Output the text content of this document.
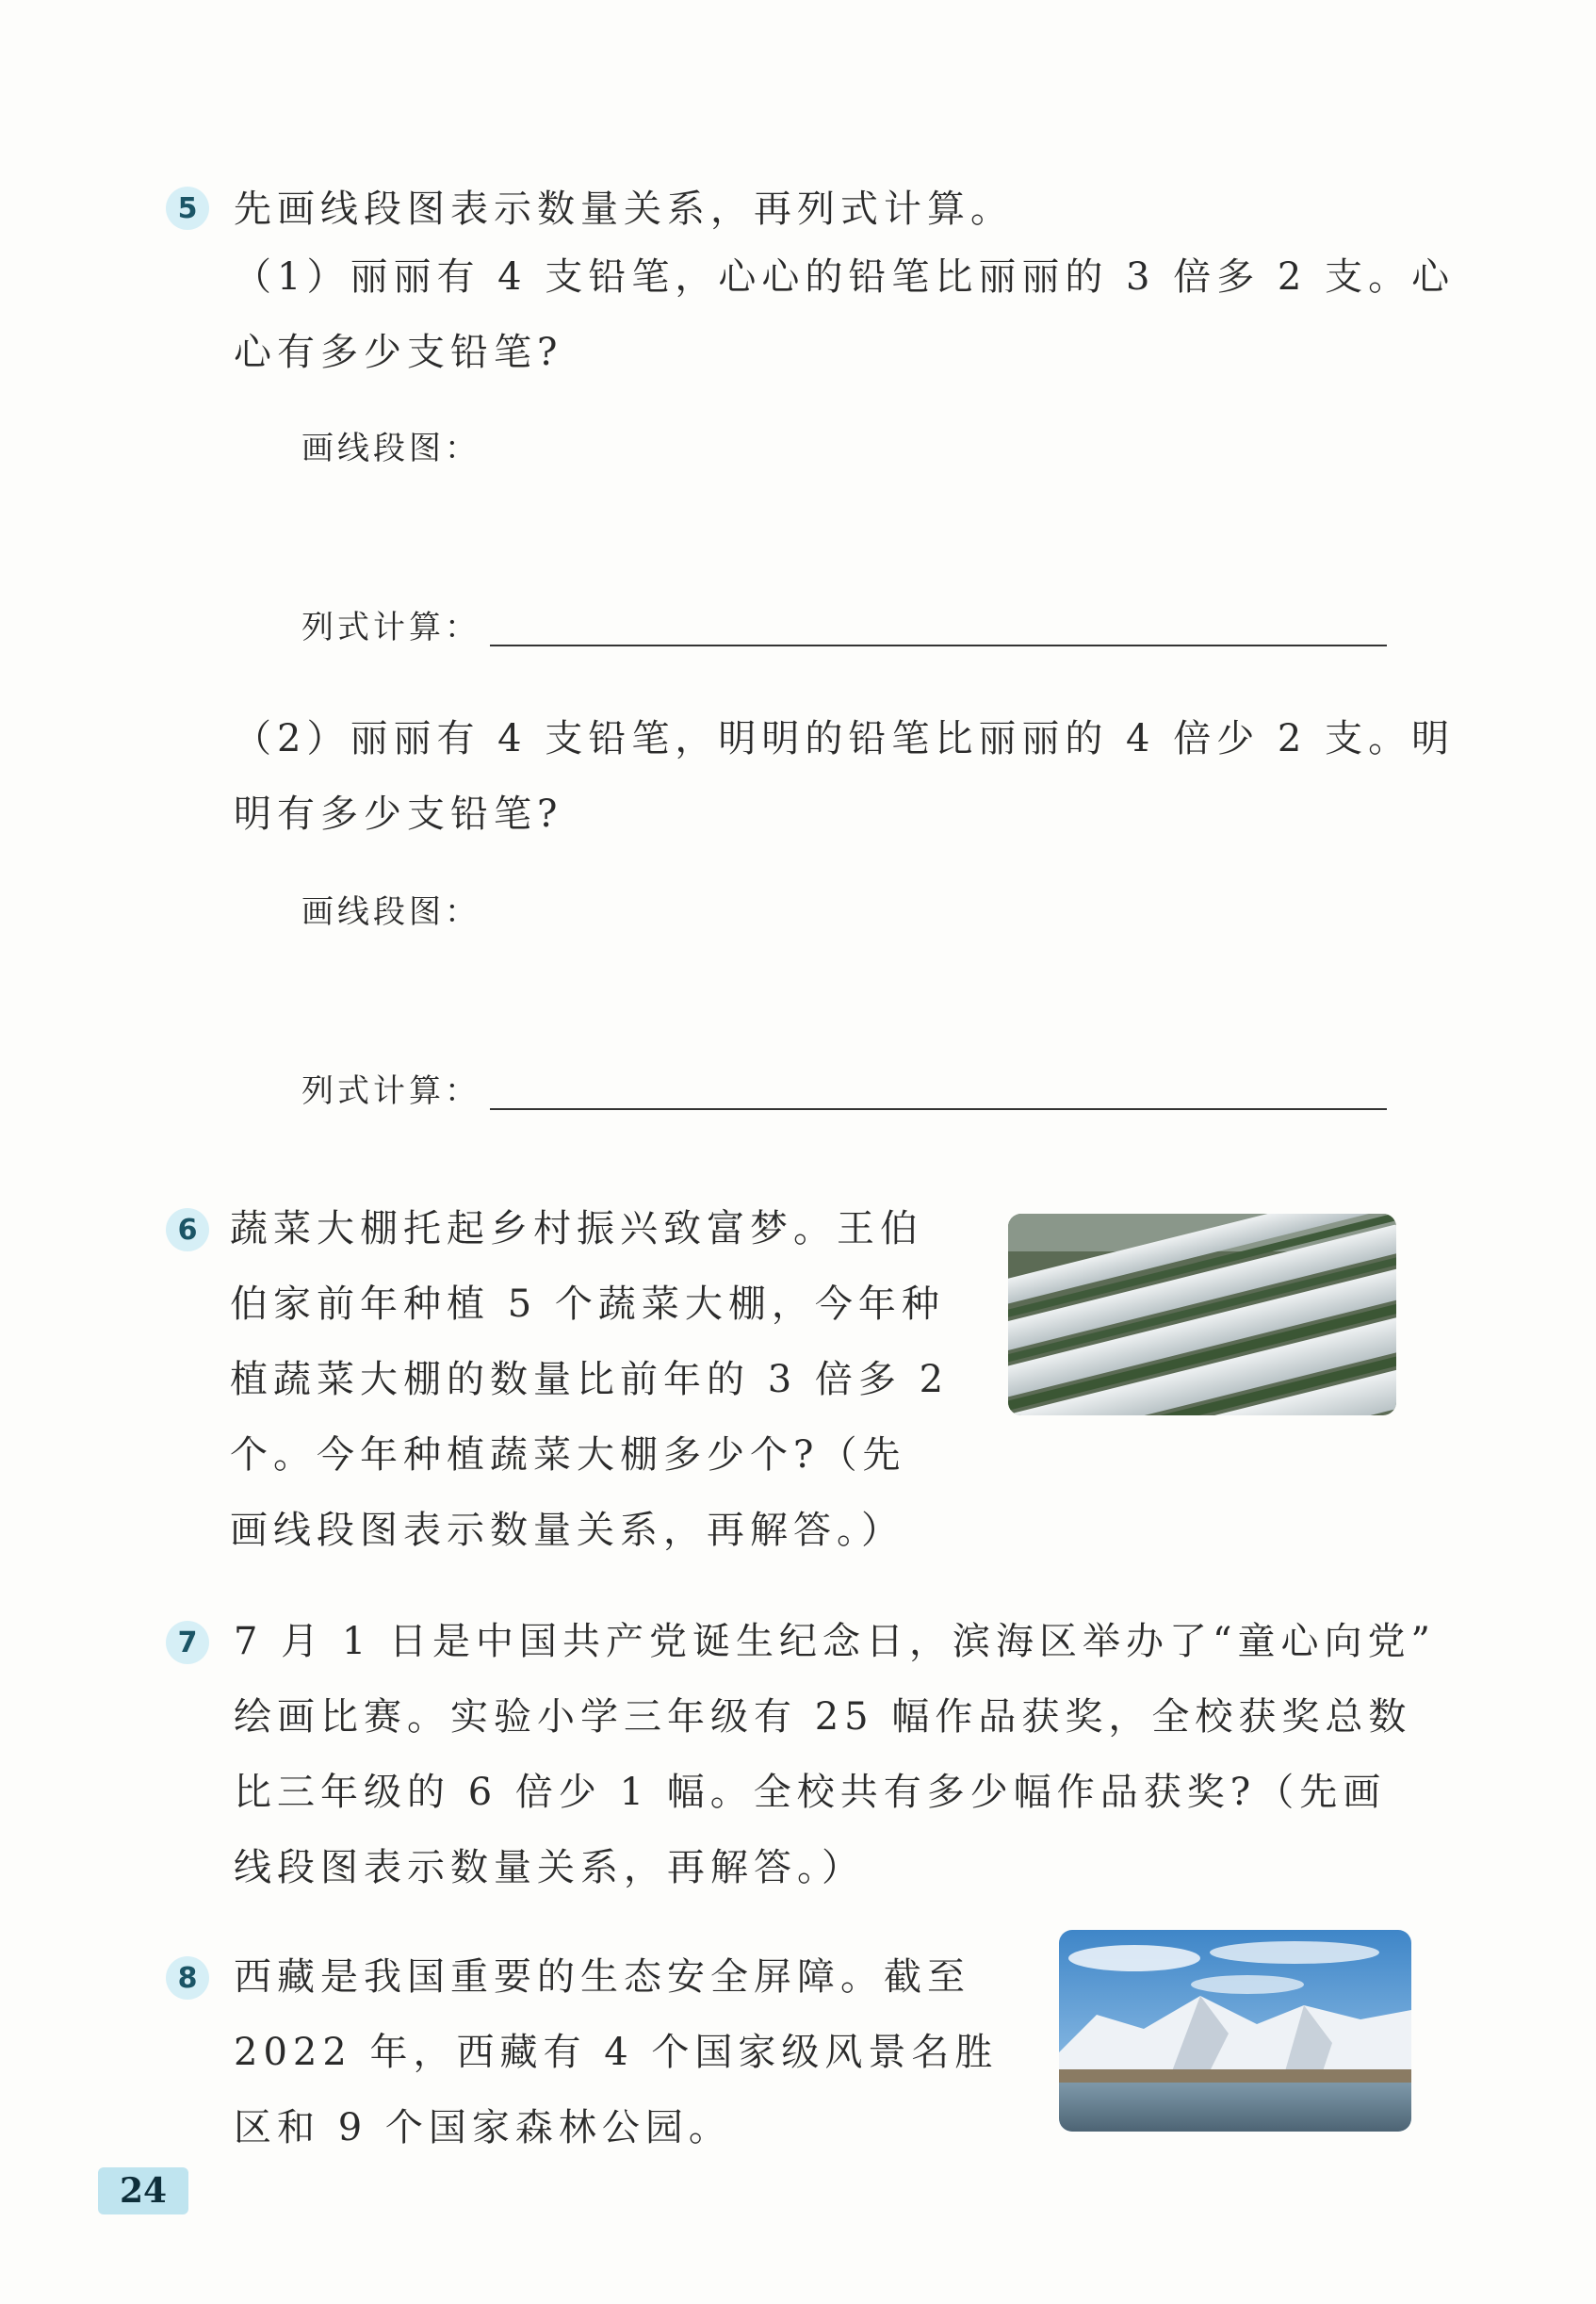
5 先画线段图表示数量关系，再列式计算。
（1）丽丽有 4 支铅笔，心心的铅笔比丽丽的 3 倍多 2 支。心
心有多少支铅笔?
画线段图：
列式计算：
（2）丽丽有 4 支铅笔，明明的铅笔比丽丽的 4 倍少 2 支。明
明有多少支铅笔?
画线段图：
列式计算：
6 蔬菜大棚托起乡村振兴致富梦。王伯
伯家前年种植 5 个蔬菜大棚，今年种
植蔬菜大棚的数量比前年的 3 倍多 2
个。今年种植蔬菜大棚多少个?（先
画线段图表示数量关系，再解答。）
7 7 月 1 日是中国共产党诞生纪念日，滨海区举办了“童心向党”
绘画比赛。实验小学三年级有 25 幅作品获奖，全校获奖总数
比三年级的 6 倍少 1 幅。全校共有多少幅作品获奖?（先画
线段图表示数量关系，再解答。）
8 西藏是我国重要的生态安全屏障。截至
2022 年，西藏有 4 个国家级风景名胜
区和 9 个国家森林公园。
24
